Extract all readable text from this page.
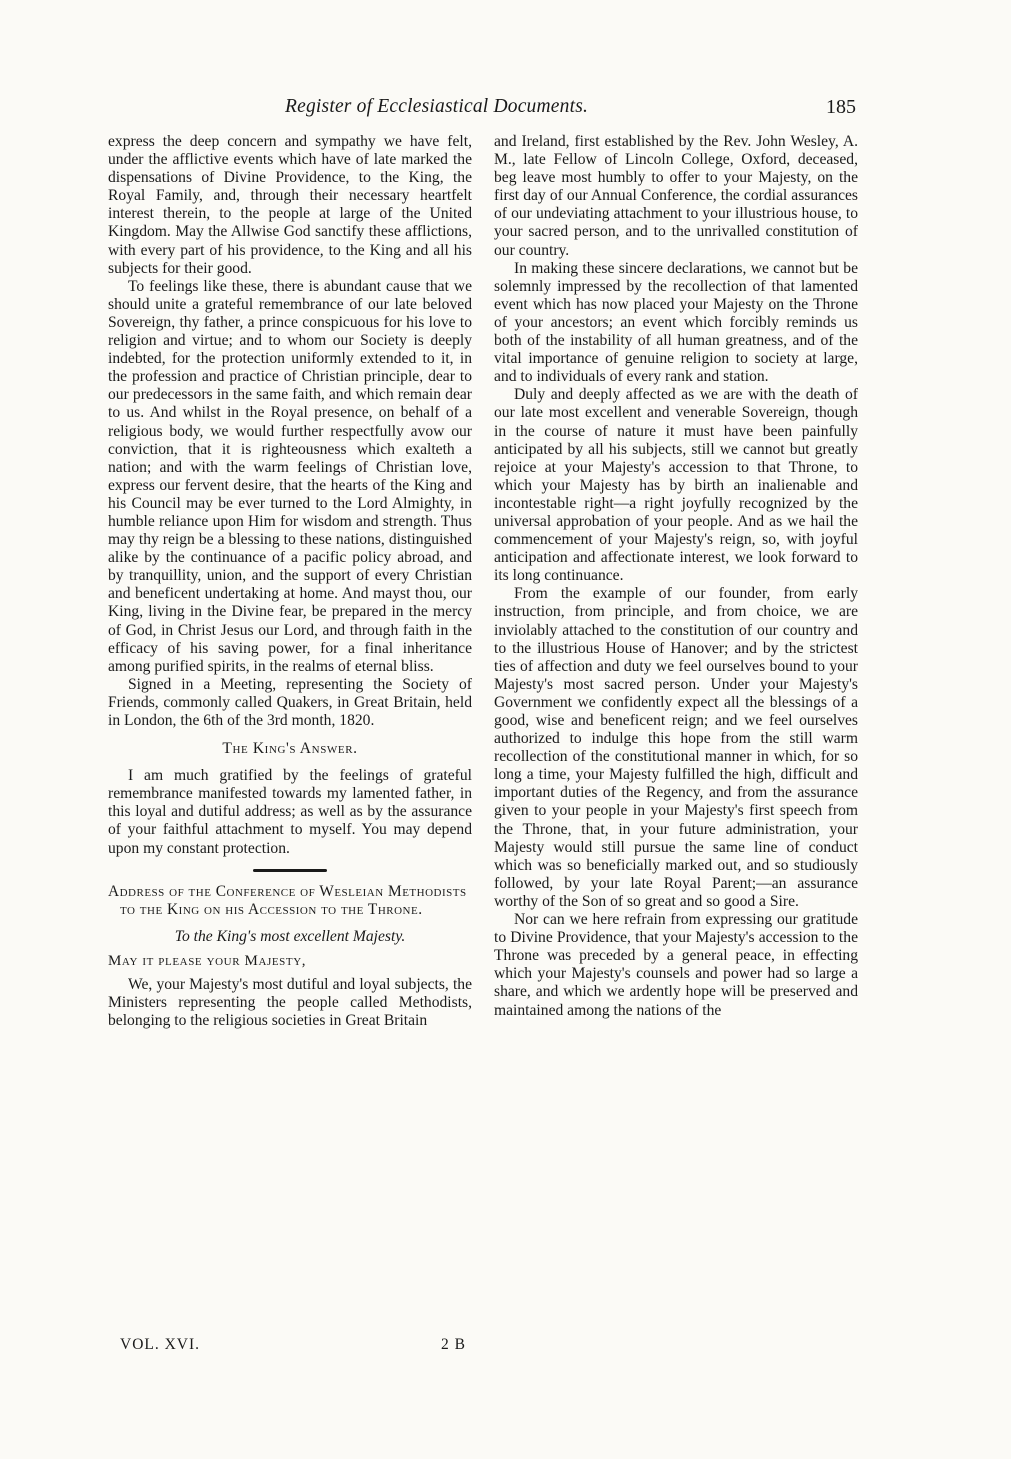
Register of Ecclesiastical Documents.	185

express the deep concern and sympathy we have felt, under the afflictive events which have of late marked the dispensations of Divine Providence, to the King, the Royal Family, and, through their necessary heartfelt interest therein, to the people at large of the United Kingdom. May the Allwise God sanctify these afflictions, with every part of his providence, to the King and all his subjects for their good.

To feelings like these, there is abundant cause that we should unite a grateful remembrance of our late beloved Sovereign, thy father, a prince conspicuous for his love to religion and virtue; and to whom our Society is deeply indebted, for the protection uniformly extended to it, in the profession and practice of Christian principle, dear to our predecessors in the same faith, and which remain dear to us. And whilst in the Royal presence, on behalf of a religious body, we would further respectfully avow our conviction, that it is righteousness which exalteth a nation; and with the warm feelings of Christian love, express our fervent desire, that the hearts of the King and his Council may be ever turned to the Lord Almighty, in humble reliance upon Him for wisdom and strength. Thus may thy reign be a blessing to these nations, distinguished alike by the continuance of a pacific policy abroad, and by tranquillity, union, and the support of every Christian and beneficent undertaking at home. And mayst thou, our King, living in the Divine fear, be prepared in the mercy of God, in Christ Jesus our Lord, and through faith in the efficacy of his saving power, for a final inheritance among purified spirits, in the realms of eternal bliss.

Signed in a Meeting, representing the Society of Friends, commonly called Quakers, in Great Britain, held in London, the 6th of the 3rd month, 1820.

The King's Answer.

I am much gratified by the feelings of grateful remembrance manifested towards my lamented father, in this loyal and dutiful address; as well as by the assurance of your faithful attachment to myself. You may depend upon my constant protection.

Address of the Conference of Wesleian Methodists to the King on his Accession to the Throne.
To the King's most excellent Majesty.
May it please your Majesty,

We, your Majesty's most dutiful and loyal subjects, the Ministers representing the people called Methodists, belonging to the religious societies in Great Britain

and Ireland, first established by the Rev. John Wesley, A. M., late Fellow of Lincoln College, Oxford, deceased, beg leave most humbly to offer to your Majesty, on the first day of our Annual Conference, the cordial assurances of our undeviating attachment to your illustrious house, to your sacred person, and to the unrivalled constitution of our country.

In making these sincere declarations, we cannot but be solemnly impressed by the recollection of that lamented event which has now placed your Majesty on the Throne of your ancestors; an event which forcibly reminds us both of the instability of all human greatness, and of the vital importance of genuine religion to society at large, and to individuals of every rank and station.

Duly and deeply affected as we are with the death of our late most excellent and venerable Sovereign, though in the course of nature it must have been painfully anticipated by all his subjects, still we cannot but greatly rejoice at your Majesty's accession to that Throne, to which your Majesty has by birth an inalienable and incontestable right—a right joyfully recognized by the universal approbation of your people. And as we hail the commencement of your Majesty's reign, so, with joyful anticipation and affectionate interest, we look forward to its long continuance.

From the example of our founder, from early instruction, from principle, and from choice, we are inviolably attached to the constitution of our country and to the illustrious House of Hanover; and by the strictest ties of affection and duty we feel ourselves bound to your Majesty's most sacred person. Under your Majesty's Government we confidently expect all the blessings of a good, wise and beneficent reign; and we feel ourselves authorized to indulge this hope from the still warm recollection of the constitutional manner in which, for so long a time, your Majesty fulfilled the high, difficult and important duties of the Regency, and from the assurance given to your people in your Majesty's first speech from the Throne, that, in your future administration, your Majesty would still pursue the same line of conduct which was so beneficially marked out, and so studiously followed, by your late Royal Parent;—an assurance worthy of the Son of so great and so good a Sire.

Nor can we here refrain from expressing our gratitude to Divine Providence, that your Majesty's accession to the Throne was preceded by a general peace, in effecting which your Majesty's counsels and power had so large a share, and which we ardently hope will be preserved and maintained among the nations of the

VOL. XVI.	2 B
